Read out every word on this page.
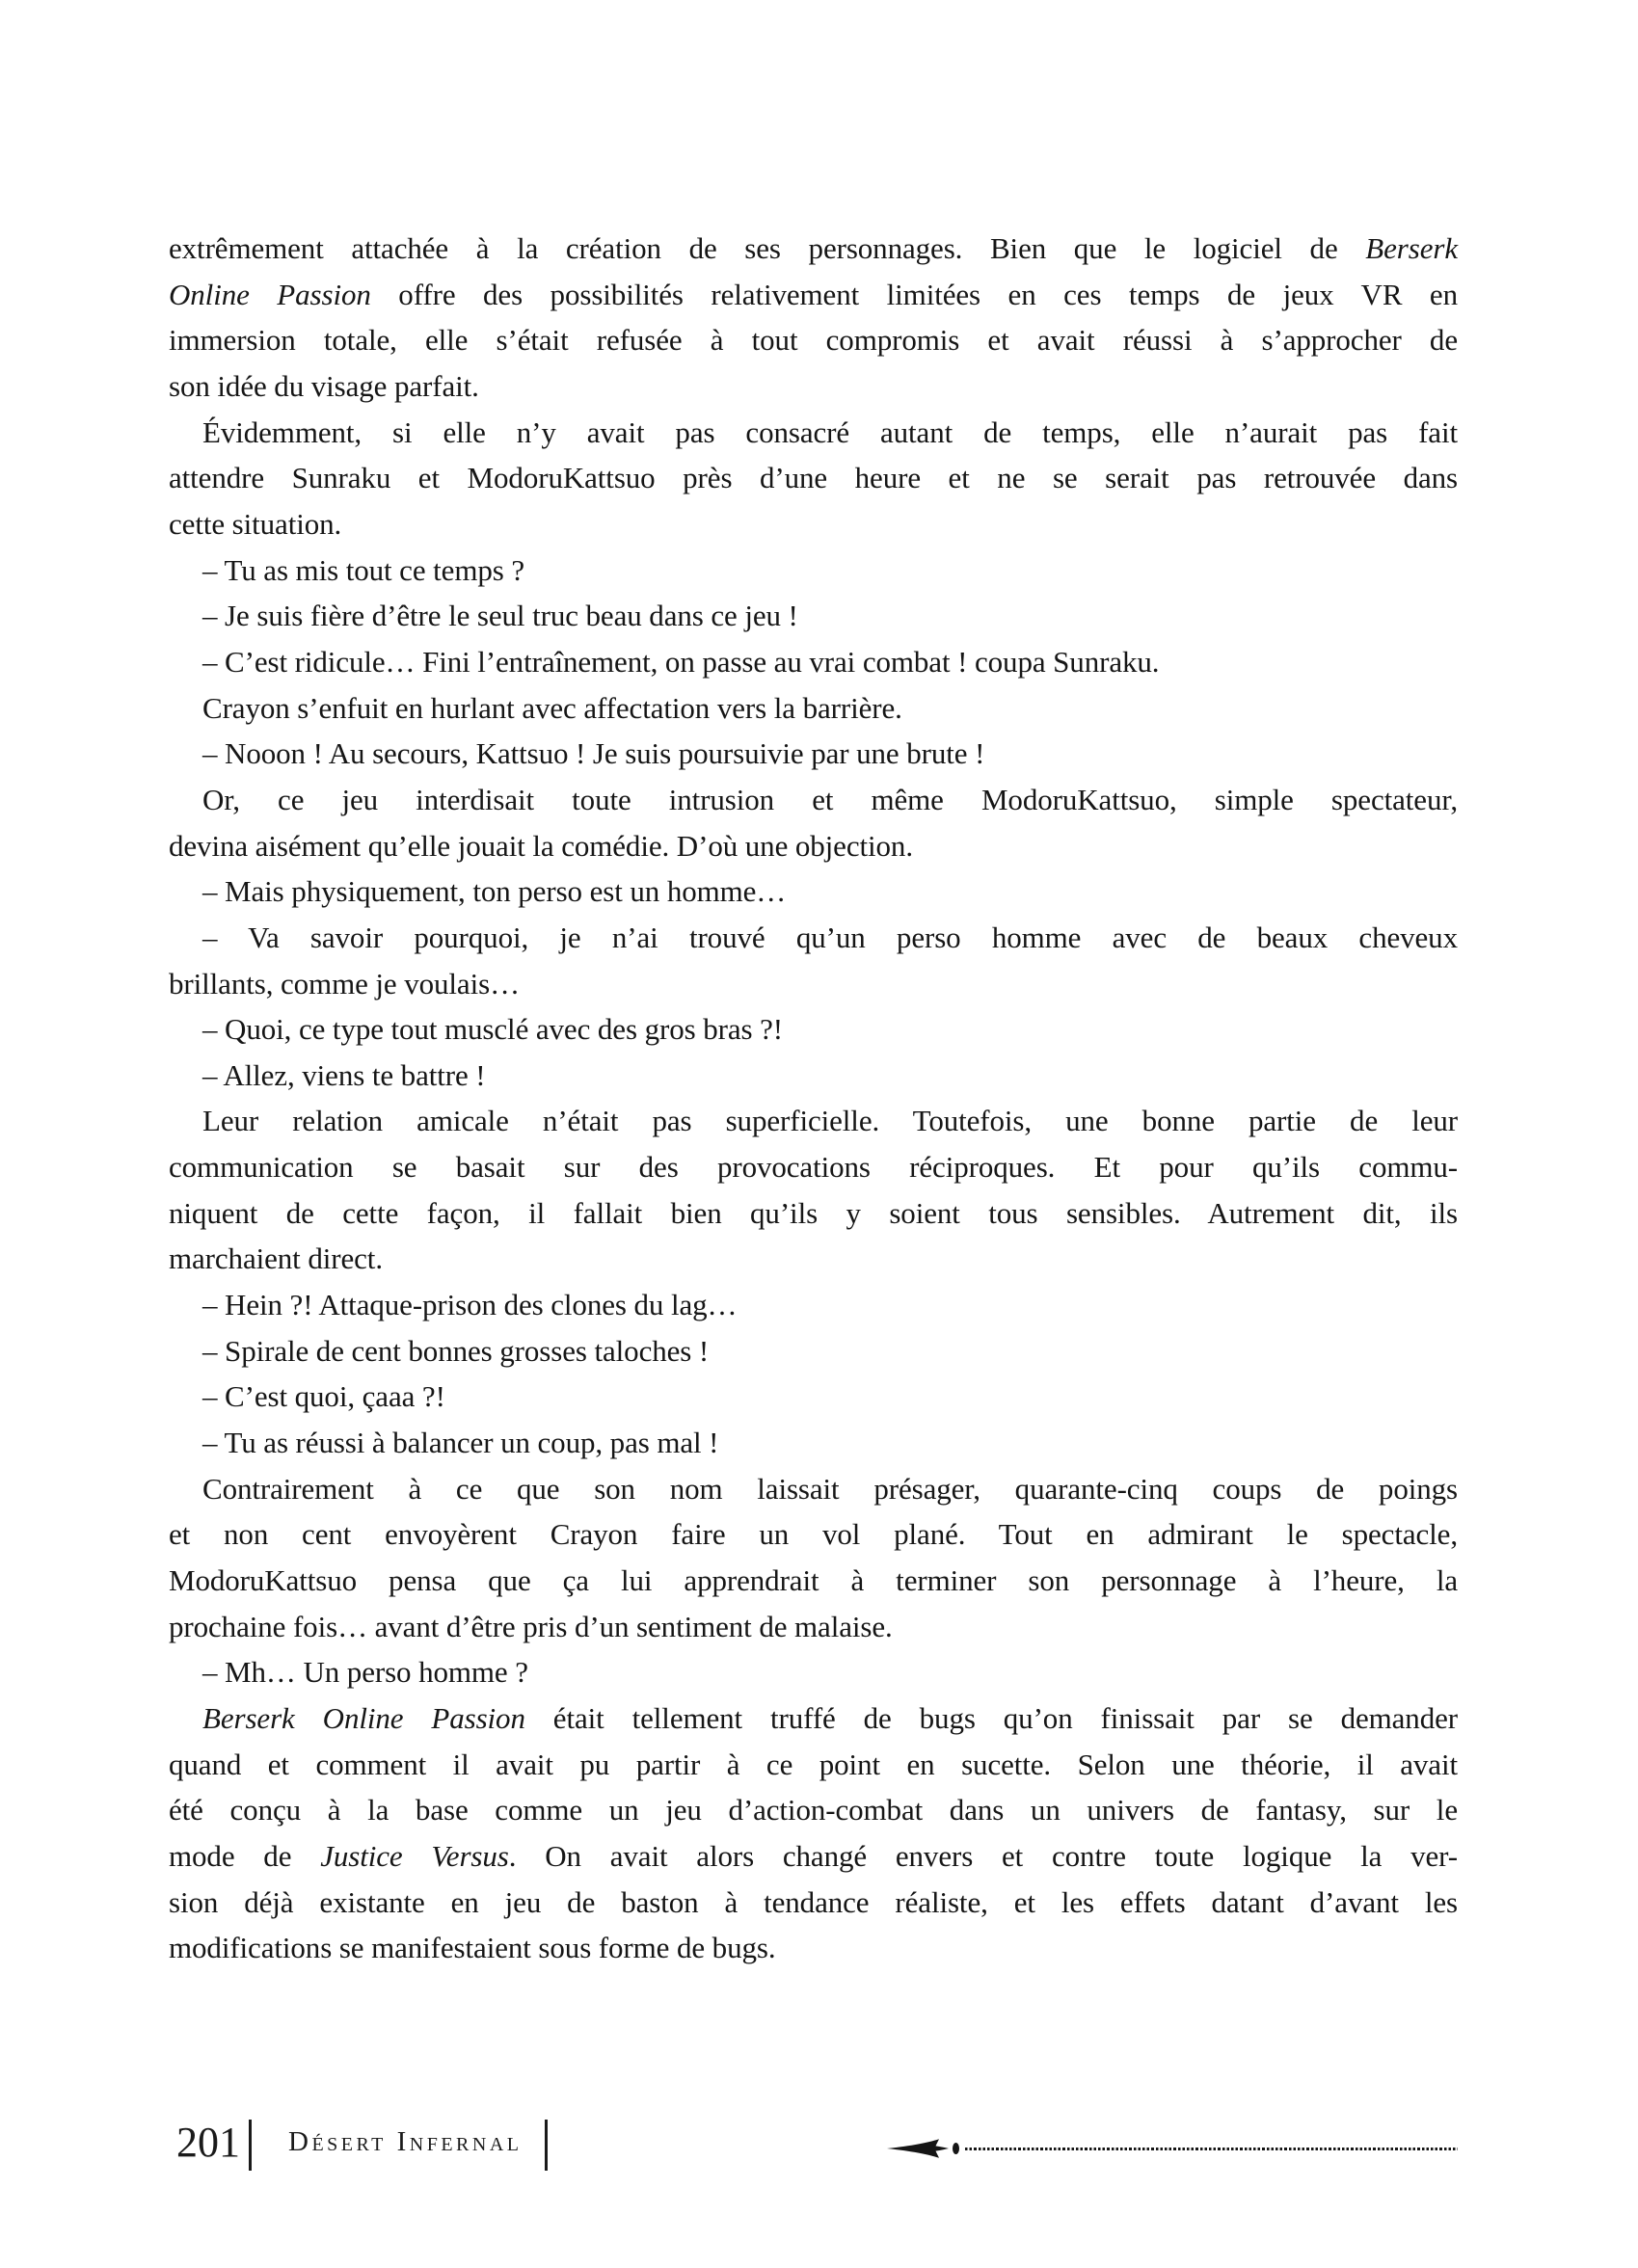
extrêmement attachée à la création de ses personnages. Bien que le logiciel de Berserk
Online Passion offre des possibilités relativement limitées en ces temps de jeux VR en
immersion totale, elle s’était refusée à tout compromis et avait réussi à s’approcher de
son idée du visage parfait.
Évidemment, si elle n’y avait pas consacré autant de temps, elle n’aurait pas fait
attendre Sunraku et ModoruKattsuo près d’une heure et ne se serait pas retrouvée dans
cette situation.
– Tu as mis tout ce temps ?
– Je suis fière d’être le seul truc beau dans ce jeu !
– C’est ridicule… Fini l’entraînement, on passe au vrai combat ! coupa Sunraku.
Crayon s’enfuit en hurlant avec affectation vers la barrière.
– Nooon ! Au secours, Kattsuo ! Je suis poursuivie par une brute !
Or, ce jeu interdisait toute intrusion et même ModoruKattsuo, simple spectateur,
devina aisément qu’elle jouait la comédie. D’où une objection.
– Mais physiquement, ton perso est un homme…
– Va savoir pourquoi, je n’ai trouvé qu’un perso homme avec de beaux cheveux
brillants, comme je voulais…
– Quoi, ce type tout musclé avec des gros bras ?!
– Allez, viens te battre !
Leur relation amicale n’était pas superficielle. Toutefois, une bonne partie de leur
communication se basait sur des provocations réciproques. Et pour qu’ils commu-
niquent de cette façon, il fallait bien qu’ils y soient tous sensibles. Autrement dit, ils
marchaient direct.
– Hein ?! Attaque-prison des clones du lag…
– Spirale de cent bonnes grosses taloches !
– C’est quoi, çaaa ?!
– Tu as réussi à balancer un coup, pas mal !
Contrairement à ce que son nom laissait présager, quarante-cinq coups de poings
et non cent envoyèrent Crayon faire un vol plané. Tout en admirant le spectacle,
ModoruKattsuo pensa que ça lui apprendrait à terminer son personnage à l’heure, la
prochaine fois… avant d’être pris d’un sentiment de malaise.
– Mh… Un perso homme ?
Berserk Online Passion était tellement truffé de bugs qu’on finissait par se demander
quand et comment il avait pu partir à ce point en sucette. Selon une théorie, il avait
été conçu à la base comme un jeu d’action-combat dans un univers de fantasy, sur le
mode de Justice Versus. On avait alors changé envers et contre toute logique la ver-
sion déjà existante en jeu de baston à tendance réaliste, et les effets datant d’avant les
modifications se manifestaient sous forme de bugs.
201 Désert Infernal
